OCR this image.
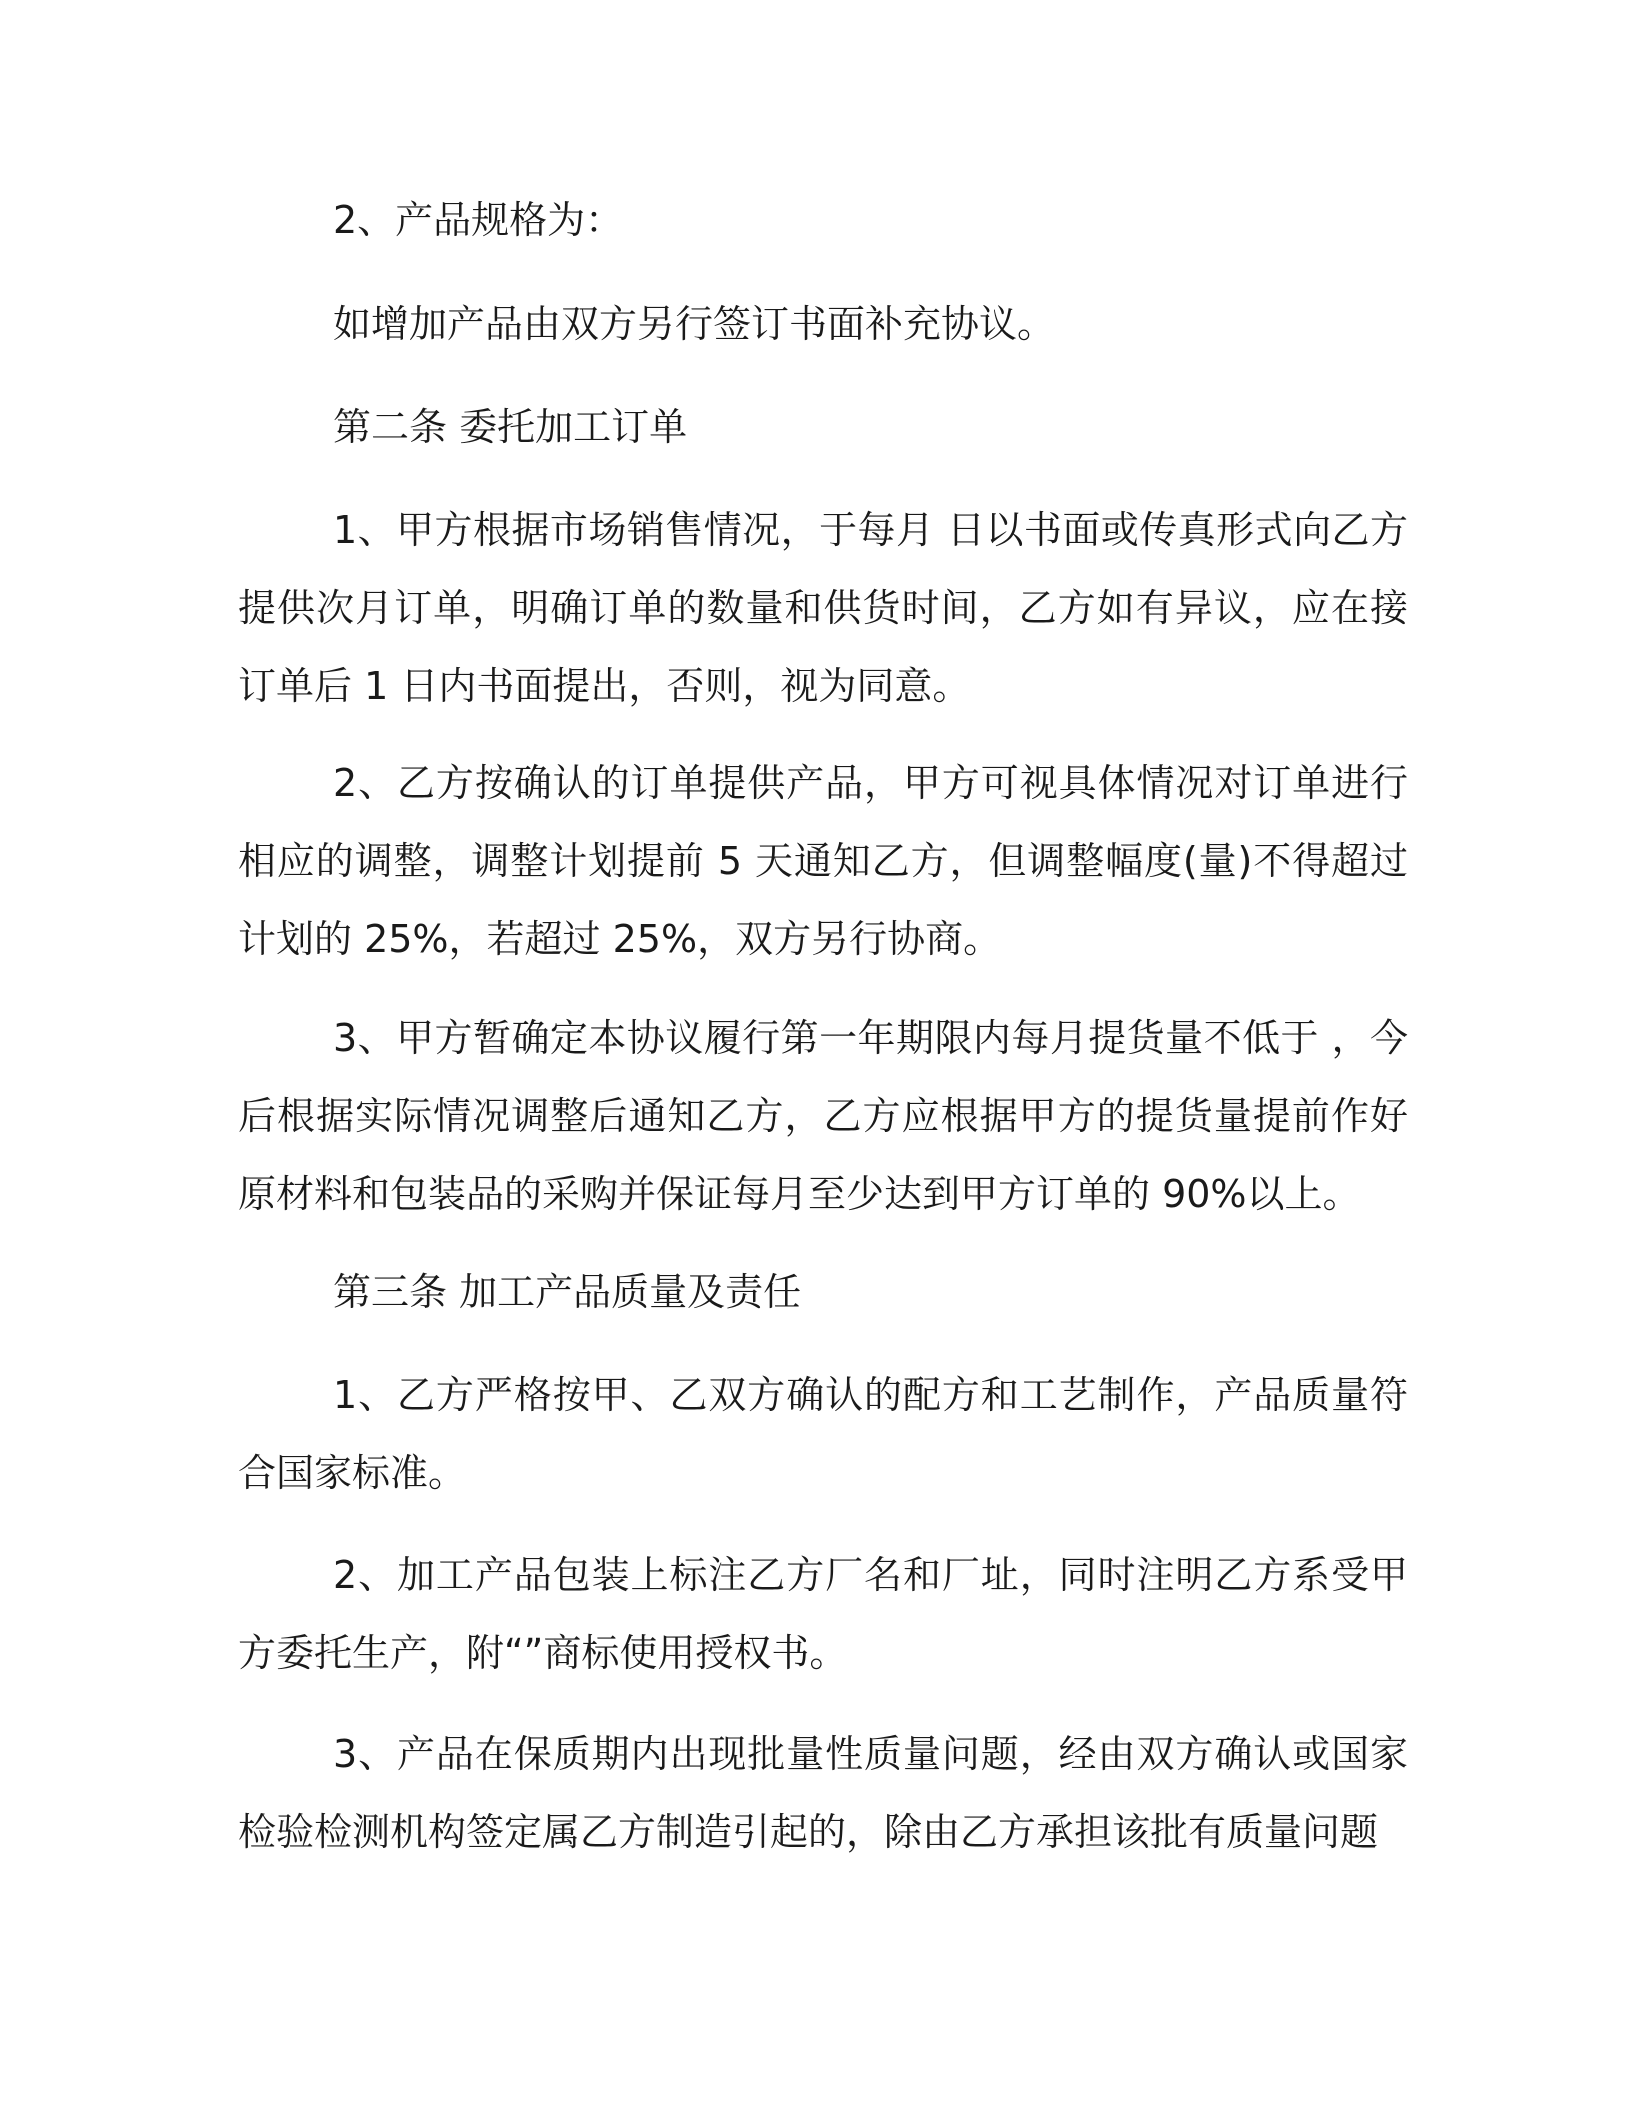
2、产品规格为：

如增加产品由双方另行签订书面补充协议。

第二条 委托加工订单

1、甲方根据市场销售情况，于每月 日以书面或传真形式向乙方提供次月订单，明确订单的数量和供货时间，乙方如有异议，应在接订单后 1 日内书面提出，否则，视为同意。

2、乙方按确认的订单提供产品，甲方可视具体情况对订单进行相应的调整，调整计划提前 5 天通知乙方，但调整幅度(量)不得超过计划的 25%，若超过 25%，双方另行协商。

3、甲方暂确定本协议履行第一年期限内每月提货量不低于 ，今后根据实际情况调整后通知乙方，乙方应根据甲方的提货量提前作好原材料和包装品的采购并保证每月至少达到甲方订单的 90%以上。

第三条 加工产品质量及责任

1、乙方严格按甲、乙双方确认的配方和工艺制作，产品质量符合国家标准。

2、加工产品包装上标注乙方厂名和厂址，同时注明乙方系受甲方委托生产，附“”商标使用授权书。

3、产品在保质期内出现批量性质量问题，经由双方确认或国家检验检测机构签定属乙方制造引起的，除由乙方承担该批有质量问题
